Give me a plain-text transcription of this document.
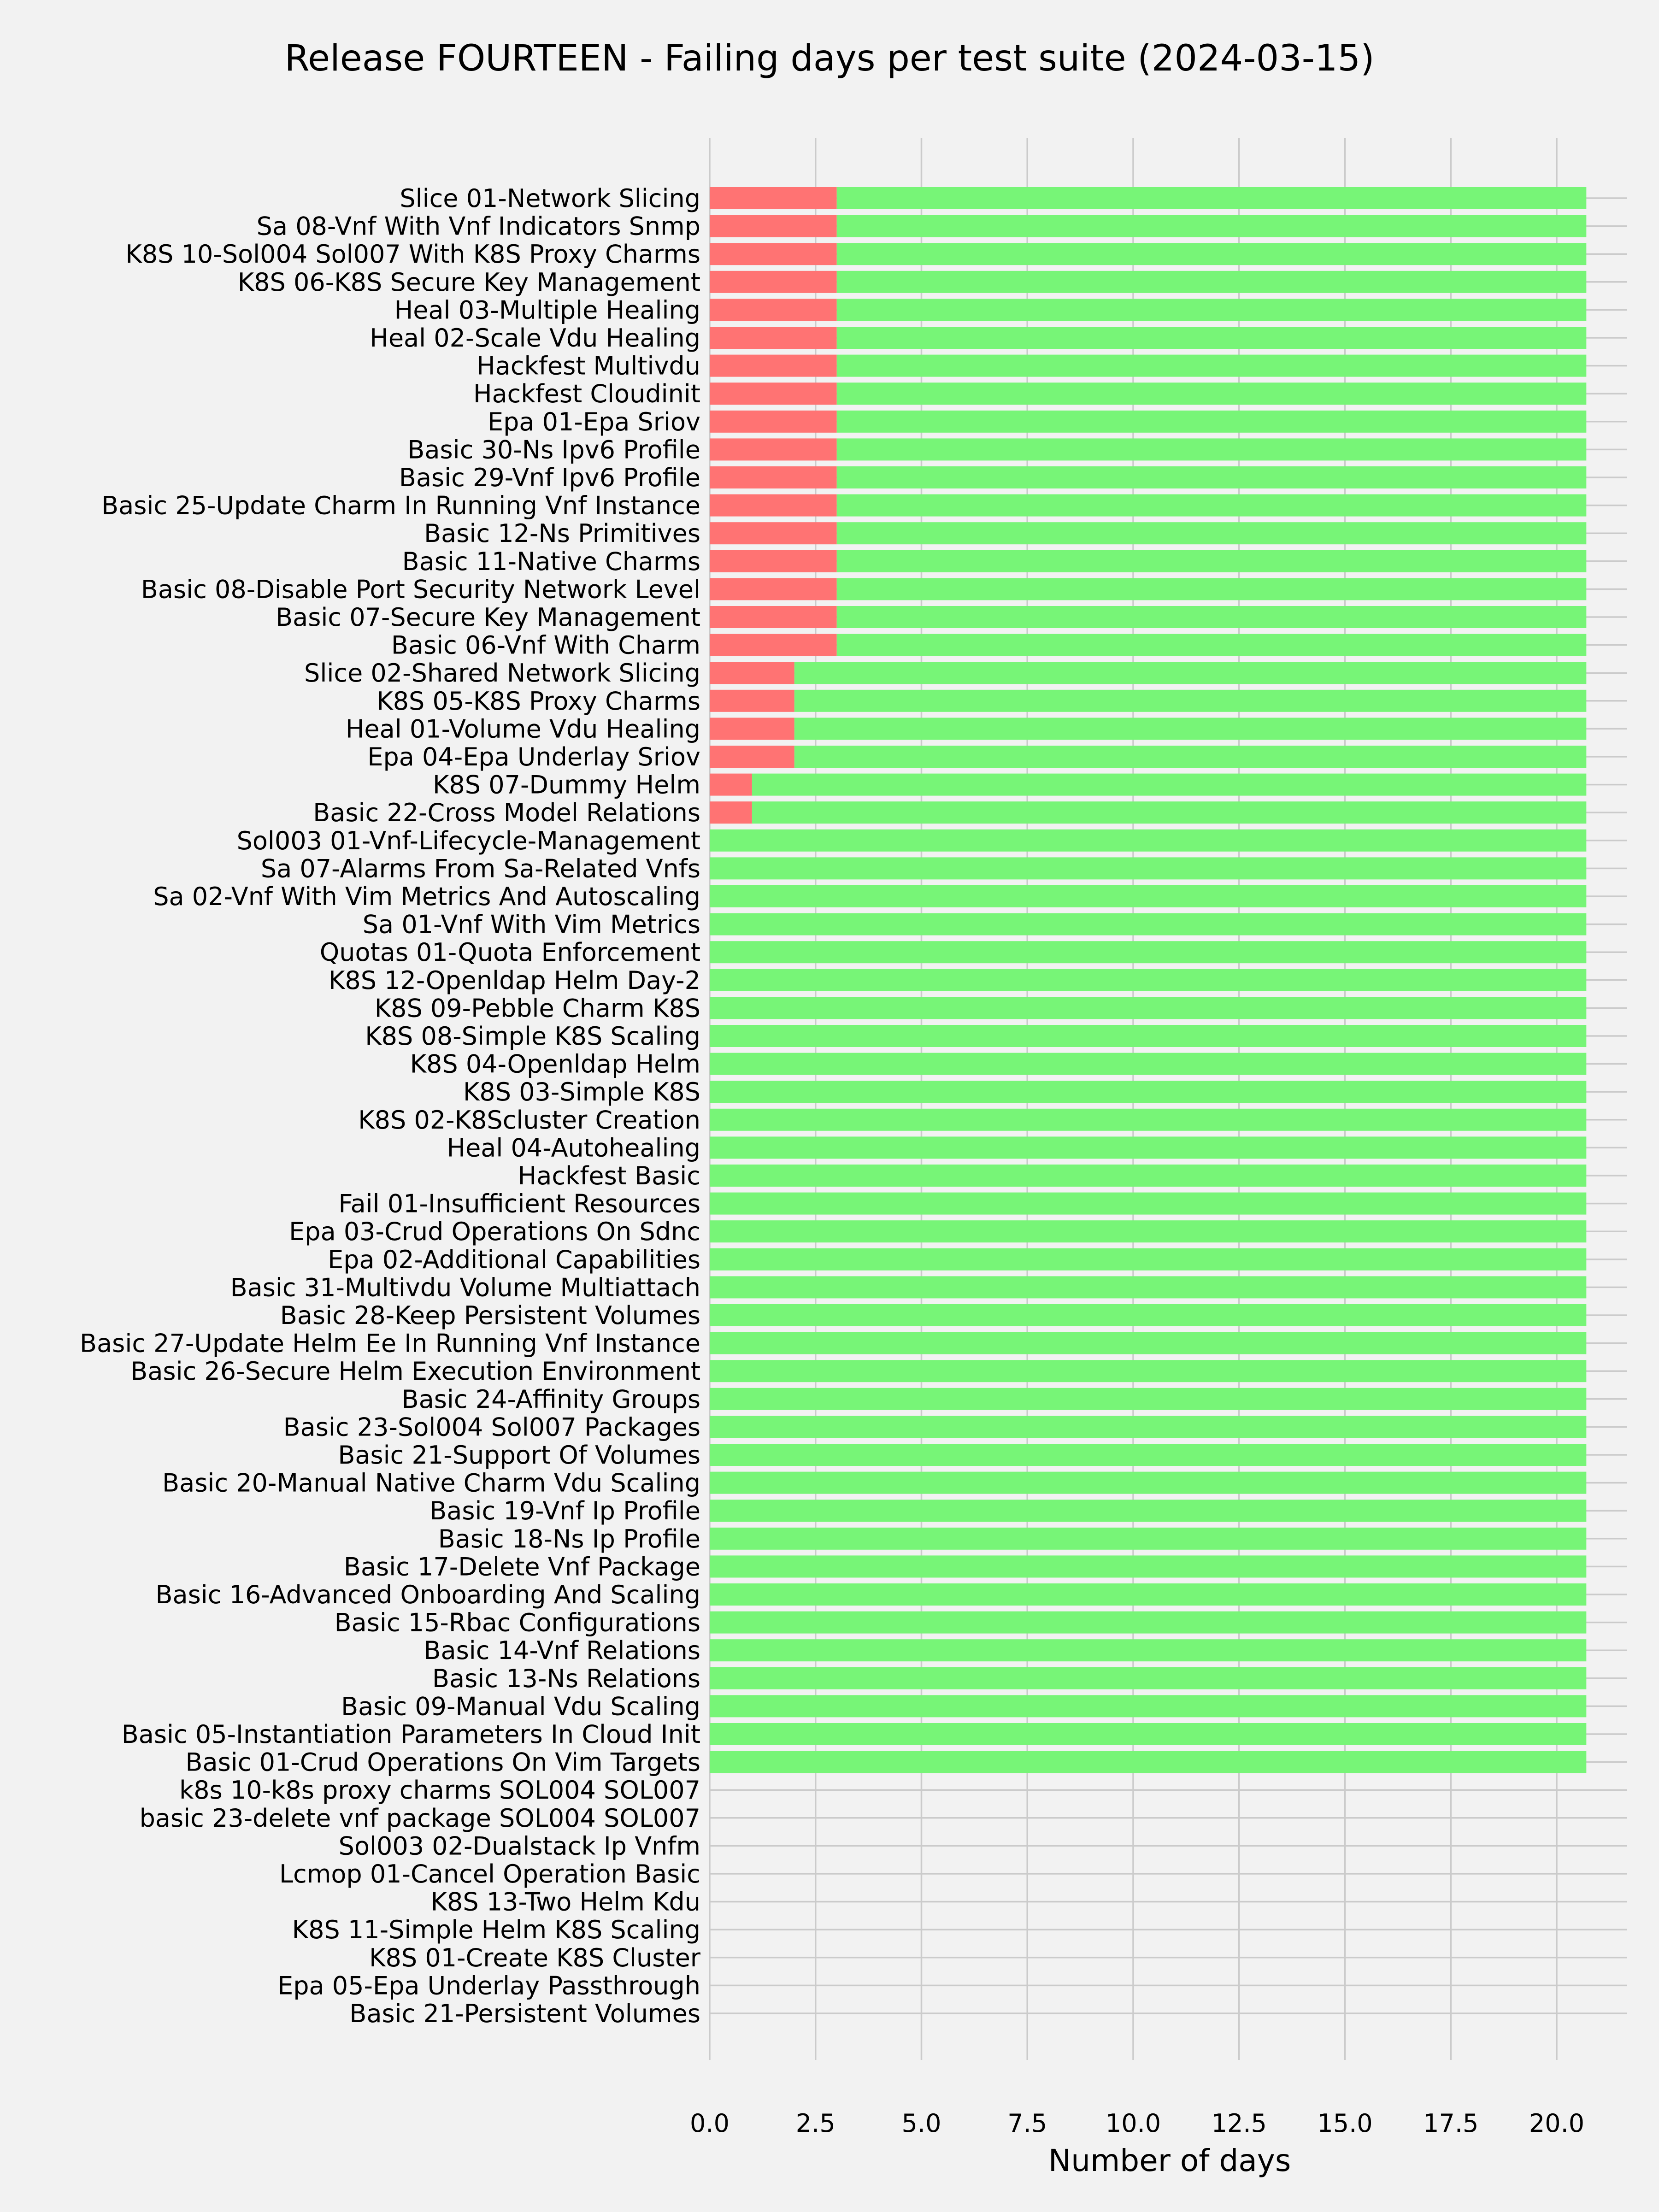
Slice 01-Network Slicing
Sa 08-Vnf With Vnf Indicators Snmp
K8S 10-Sol004 Sol007 With K8S Proxy Charms
K8S 06-K8S Secure Key Management
Heal 03-Multiple Healing
Heal 02-Scale Vdu Healing
Hackfest Multivdu
Hackfest Cloudinit
Epa 01-Epa Sriov
Basic 30-Ns Ipv6 Profile
Basic 29-Vnf Ipv6 Profile
Basic 25-Update Charm In Running Vnf Instance
Basic 12-Ns Primitives
Basic 11-Native Charms
Basic 08-Disable Port Security Network Level
Basic 07-Secure Key Management
Basic 06-Vnf With Charm
Slice 02-Shared Network Slicing
K8S 05-K8S Proxy Charms
Heal 01-Volume Vdu Healing
Epa 04-Epa Underlay Sriov
K8S 07-Dummy Helm
Basic 22-Cross Model Relations
Sol003 01-Vnf-Lifecycle-Management
Sa 07-Alarms From Sa-Related Vnfs
Sa 02-Vnf With Vim Metrics And Autoscaling
Sa 01-Vnf With Vim Metrics
Quotas 01-Quota Enforcement
K8S 12-Openldap Helm Day-2
K8S 09-Pebble Charm K8S
K8S 08-Simple K8S Scaling
K8S 04-Openldap Helm
K8S 03-Simple K8S
K8S 02-K8Scluster Creation
Heal 04-Autohealing
Hackfest Basic
Fail 01-Insufficient Resources
Epa 03-Crud Operations On Sdnc
Epa 02-Additional Capabilities
Basic 31-Multivdu Volume Multiattach
Basic 28-Keep Persistent Volumes
Basic 27-Update Helm Ee In Running Vnf Instance
Basic 26-Secure Helm Execution Environment
Basic 24-Affinity Groups
Basic 23-Sol004 Sol007 Packages
Basic 21-Support Of Volumes
Basic 20-Manual Native Charm Vdu Scaling
Basic 19-Vnf Ip Profile
Basic 18-Ns Ip Profile
Basic 17-Delete Vnf Package
Basic 16-Advanced Onboarding And Scaling
Basic 15-Rbac Configurations
Basic 14-Vnf Relations
Basic 13-Ns Relations
Basic 09-Manual Vdu Scaling
Basic 05-Instantiation Parameters In Cloud Init
Basic 01-Crud Operations On Vim Targets
k8s 10-k8s proxy charms SOL004 SOL007
basic 23-delete vnf package SOL004 SOL007
Sol003 02-Dualstack Ip Vnfm
Lcmop 01-Cancel Operation Basic
K8S 13-Two Helm Kdu
K8S 11-Simple Helm K8S Scaling
K8S 01-Create K8S Cluster
Epa 05-Epa Underlay Passthrough
Basic 21-Persistent Volumes
0.0	2.5	5.0	7.5 10.0 12.5 15.0 17.5 20.0
Release FOURTEEN - Failing days per test suite (2024-03-15)
Number of days
